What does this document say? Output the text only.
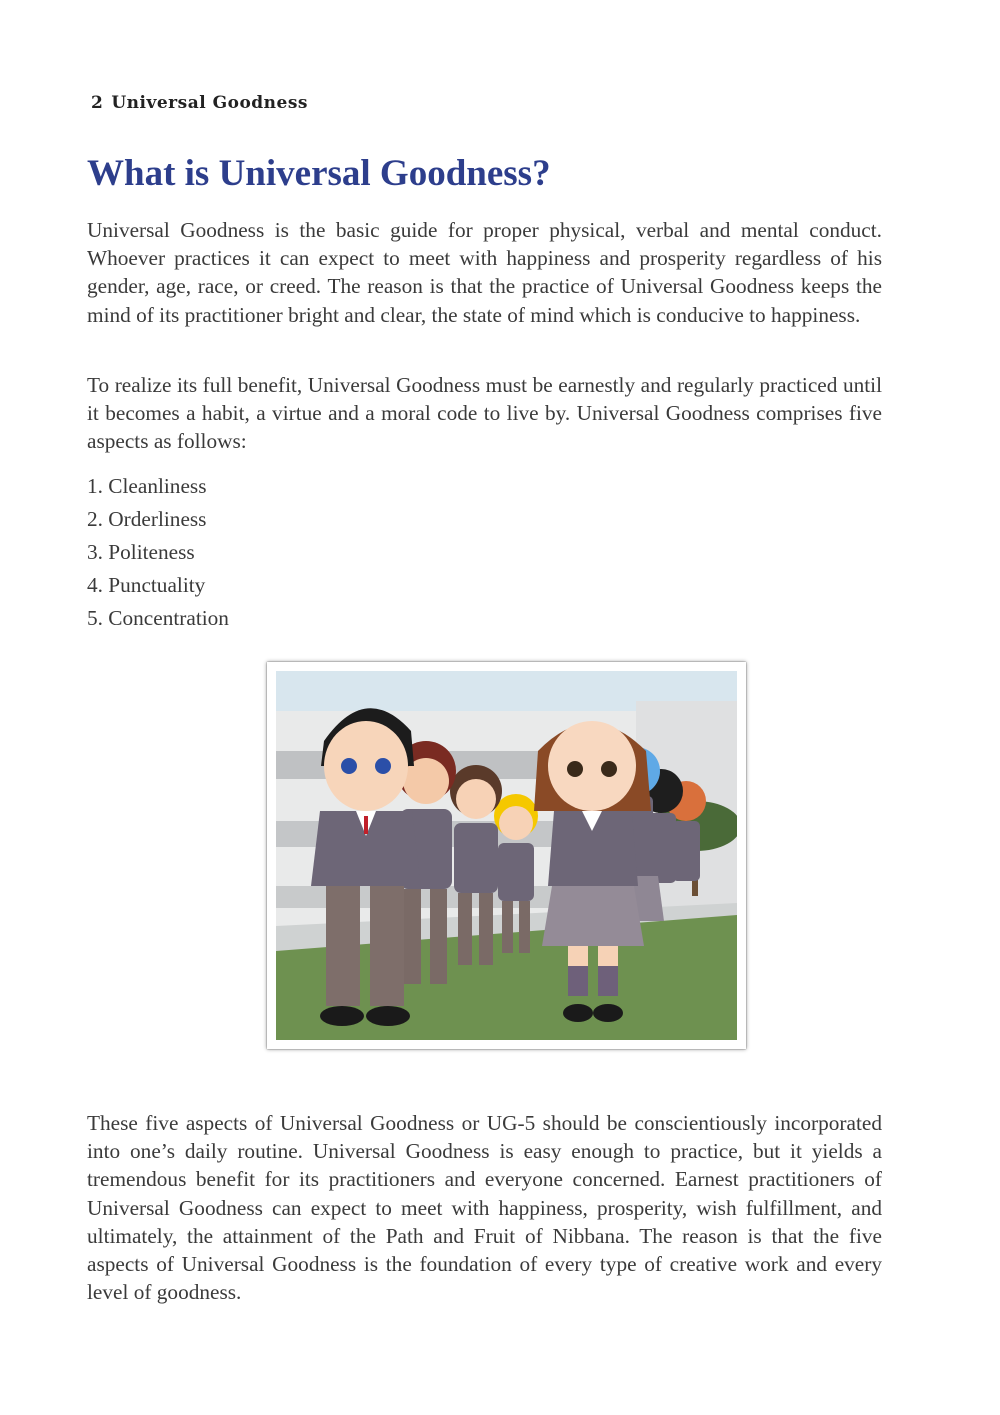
2 Universal Goodness
What is Universal Goodness?

Universal Goodness is the basic guide for proper physical, verbal and mental conduct. Whoever practices it can expect to meet with happiness and prosperity regardless of his gender, age, race, or creed. The reason is that the practice of Universal Goodness keeps the mind of its practitioner bright and clear, the state of mind which is conducive to happiness.

To realize its full benefit, Universal Goodness must be earnestly and regularly practiced until it becomes a habit, a virtue and a moral code to live by. Universal Goodness comprises five aspects as follows:

1. Cleanliness
2. Orderliness
3. Politeness
4. Punctuality
5. Concentration

These five aspects of Universal Goodness or UG-5 should be conscientiously incorporated into one’s daily routine. Universal Goodness is easy enough to practice, but it yields a tremendous benefit for its practitioners and everyone concerned. Earnest practitioners of Universal Goodness can expect to meet with happiness, prosperity, wish fulfillment, and ultimately, the attainment of the Path and Fruit of Nibbana. The reason is that the five aspects of Universal Goodness is the foundation of every type of creative work and every level of goodness.
